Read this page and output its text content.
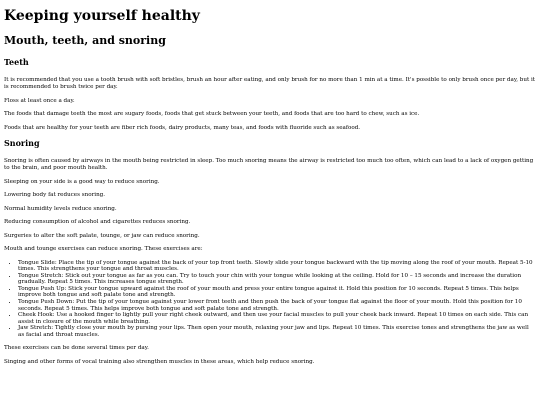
Keeping yourself healthy
Mouth, teeth, and snoring
Teeth

It is recommended that you use a tooth brush with soft bristles, brush an hour after eating, and only brush for no more than 1 min at a time. It's possible to only brush once per day, but it is recommended to brush twice per day.

Floss at least once a day.

The foods that damage teeth the most are sugary foods, foods that get stuck between your teeth, and foods that are too hard to chew, such as ice.

Foods that are healthy for your teeth are fiber rich foods, dairy products, many teas, and foods with fluoride such as seafood.

Snoring

Snoring is often caused by airways in the mouth being restricted in sleep. Too much snoring means the airway is restricted too much too often, which can lead to a lack of oxygen getting to the brain, and poor mouth health.

Sleeping on your side is a good way to reduce snoring.

Lowering body fat reduces snoring.

Normal humidity levels reduce snoring.

Reducing consumption of alcohol and cigarettes reduces snoring.

Surgeries to alter the soft palate, tounge, or jaw can reduce snoring.

Mouth and tounge exercises can reduce snoring. These exercises are:

• Tongue Slide: Place the tip of your tongue against the back of your top front teeth. Slowly slide your tongue backward with the tip moving along the roof of your mouth. Repeat 5-10 times. This strengthens your tongue and throat muscles.
• Tongue Stretch: Stick out your tongue as far as you can. Try to touch your chin with your tongue while looking at the ceiling. Hold for 10 – 15 seconds and increase the duration gradually. Repeat 5 times. This increases tongue strength.
• Tongue Push Up: Stick your tongue upward against the roof of your mouth and press your entire tongue against it. Hold this position for 10 seconds. Repeat 5 times. This helps improve both tongue and soft palate tone and strength.
• Tongue Push Down: Put the tip of your tongue against your lower front teeth and then push the back of your tongue flat against the floor of your mouth. Hold this position for 10 seconds. Repeat 5 times. This helps improve both tongue and soft palate tone and strength.
• Cheek Hook: Use a hooked finger to lightly pull your right cheek outward, and then use your facial muscles to pull your cheek back inward. Repeat 10 times on each side. This can assist in closure of the mouth while breathing.
• Jaw Stretch: Tightly close your mouth by pursing your lips. Then open your mouth, relaxing your jaw and lips. Repeat 10 times. This exercise tones and strengthens the jaw as well as facial and throat muscles.

These exercises can be done several times per day.

Singing and other forms of vocal training also strengthen muscles in these areas, which help reduce snoring.
